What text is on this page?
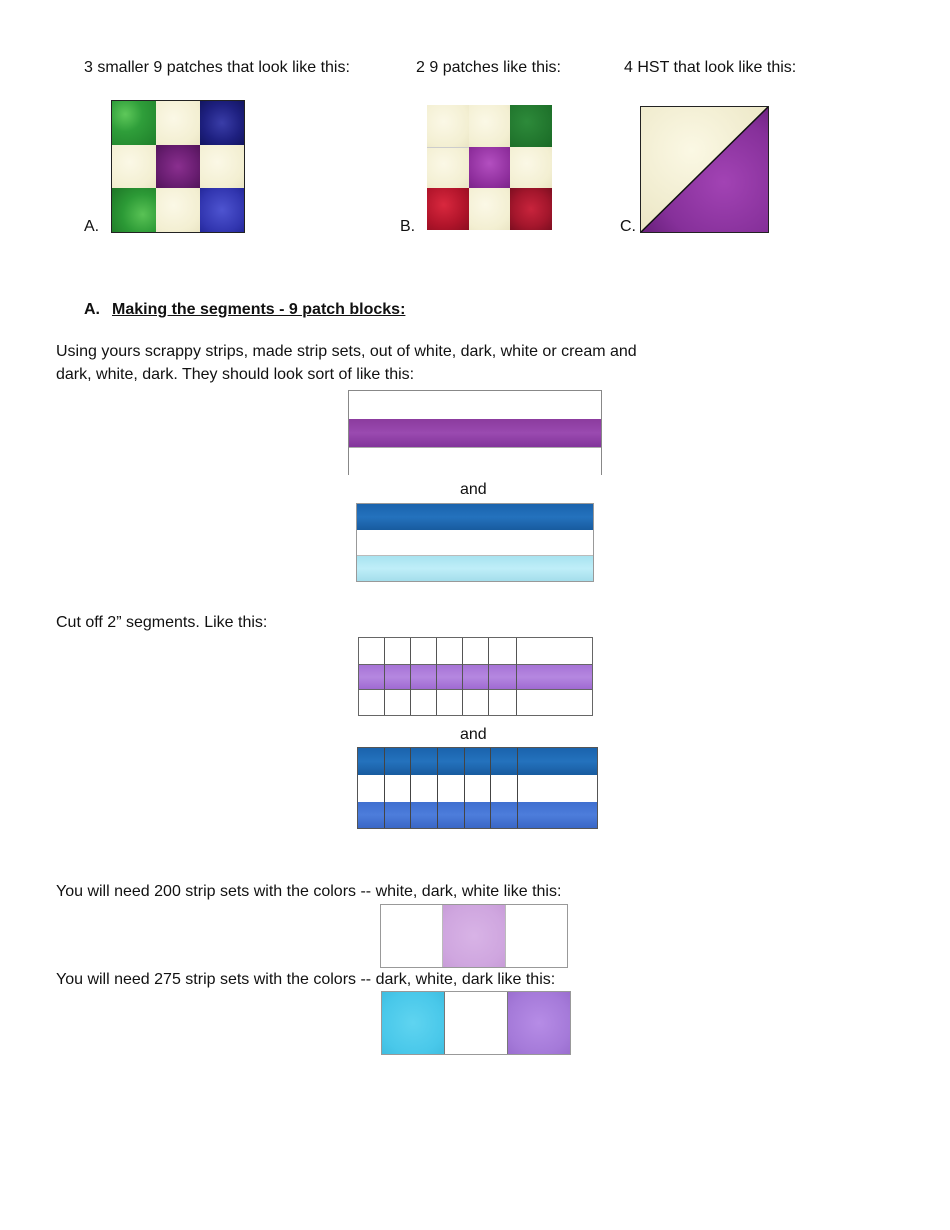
3 smaller 9 patches that look like this:	2 9 patches like this:	4 HST that look like this:
A.	B.	C.
A. Making the segments - 9 patch blocks:
Using yours scrappy strips, made strip sets, out of white, dark, white or cream and
dark, white, dark. They should look sort of like this:
and
Cut off 2” segments. Like this:
and
You will need 200 strip sets with the colors -- white, dark, white like this:
You will need 275 strip sets with the colors -- dark, white, dark like this:
